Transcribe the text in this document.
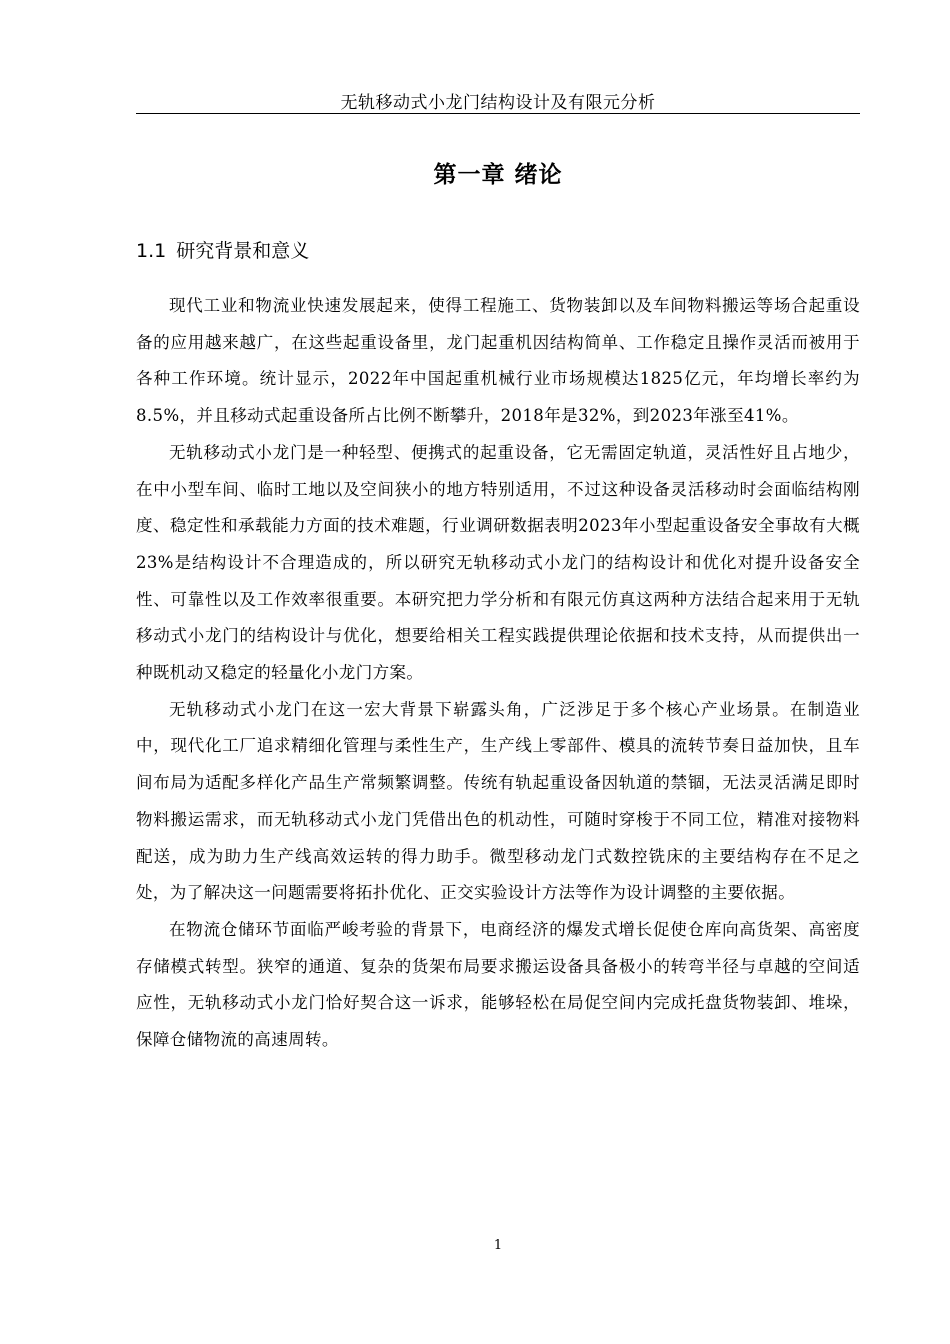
无轨移动式小龙门结构设计及有限元分析
第一章 绪论
1.1 研究背景和意义

现代工业和物流业快速发展起来，使得工程施工、货物装卸以及车间物料搬运等场合起重设备的应用越来越广，在这些起重设备里，龙门起重机因结构简单、工作稳定且操作灵活而被用于各种工作环境。统计显示，2022年中国起重机械行业市场规模达1825亿元，年均增长率约为8.5%，并且移动式起重设备所占比例不断攀升，2018年是32%，到2023年涨至41%。

无轨移动式小龙门是一种轻型、便携式的起重设备，它无需固定轨道，灵活性好且占地少，在中小型车间、临时工地以及空间狭小的地方特别适用，不过这种设备灵活移动时会面临结构刚度、稳定性和承载能力方面的技术难题，行业调研数据表明2023年小型起重设备安全事故有大概23%是结构设计不合理造成的，所以研究无轨移动式小龙门的结构设计和优化对提升设备安全性、可靠性以及工作效率很重要。本研究把力学分析和有限元仿真这两种方法结合起来用于无轨移动式小龙门的结构设计与优化，想要给相关工程实践提供理论依据和技术支持，从而提供出一种既机动又稳定的轻量化小龙门方案。

无轨移动式小龙门在这一宏大背景下崭露头角，广泛涉足于多个核心产业场景。在制造业中，现代化工厂追求精细化管理与柔性生产，生产线上零部件、模具的流转节奏日益加快，且车间布局为适配多样化产品生产常频繁调整。传统有轨起重设备因轨道的禁锢，无法灵活满足即时物料搬运需求，而无轨移动式小龙门凭借出色的机动性，可随时穿梭于不同工位，精准对接物料配送，成为助力生产线高效运转的得力助手。微型移动龙门式数控铣床的主要结构存在不足之处，为了解决这一问题需要将拓扑优化、正交实验设计方法等作为设计调整的主要依据。

在物流仓储环节面临严峻考验的背景下，电商经济的爆发式增长促使仓库向高货架、高密度存储模式转型。狭窄的通道、复杂的货架布局要求搬运设备具备极小的转弯半径与卓越的空间适应性，无轨移动式小龙门恰好契合这一诉求，能够轻松在局促空间内完成托盘货物装卸、堆垛，保障仓储物流的高速周转。

1
